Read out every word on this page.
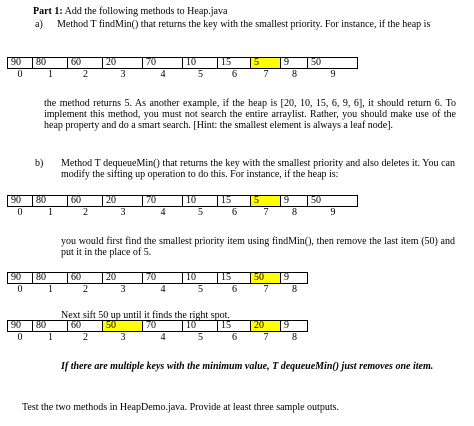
Part 1: Add the following methods to Heap.java
a) Method T findMin() that returns the key with the smallest priority. For instance, if the heap is
90	80	60	20	70	10	15	5	9	50
0	1	2	3	4	5	6	7	8	9
the method returns 5. As another example, if the heap is [20, 10, 15, 6, 9, 6], it should return 6. To implement this method, you must not search the entire arraylist. Rather, you should make use of the heap property and do a smart search. [Hint: the smallest element is always a leaf node].
b) Method T dequeueMin() that returns the key with the smallest priority and also deletes it. You can modify the sifting up operation to do this. For instance, if the heap is:
90	80	60	20	70	10	15	5	9	50
0	1	2	3	4	5	6	7	8	9
you would first find the smallest priority item using findMin(), then remove the last item (50) and put it in the place of 5.
90	80	60	20	70	10	15	50	9
0	1	2	3	4	5	6	7	8
Next sift 50 up until it finds the right spot.
90	80	60	50	70	10	15	20	9
0	1	2	3	4	5	6	7	8
If there are multiple keys with the minimum value, T dequeueMin() just removes one item.
Test the two methods in HeapDemo.java. Provide at least three sample outputs.
